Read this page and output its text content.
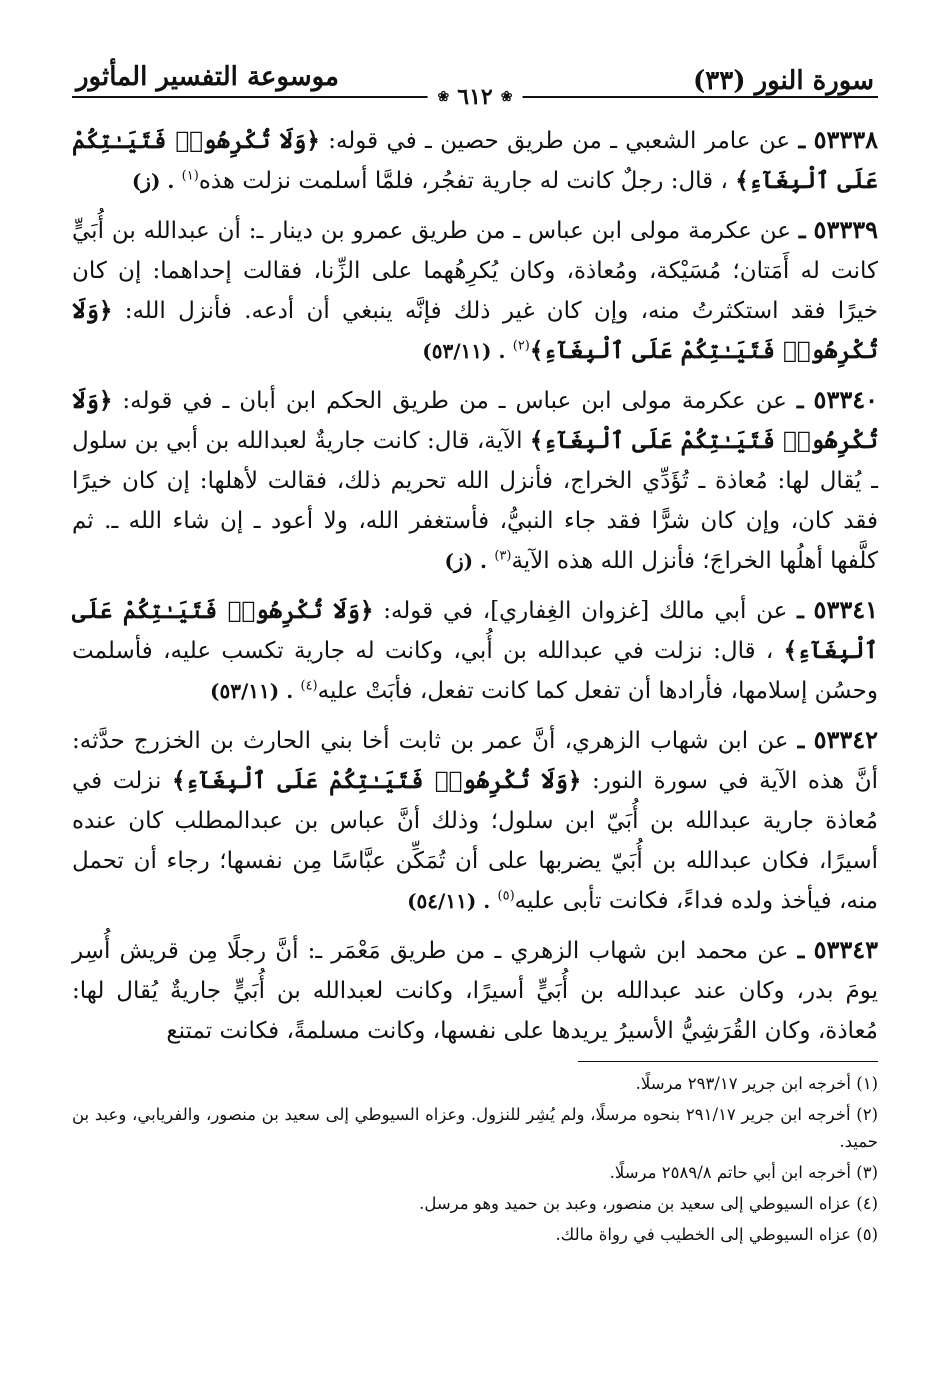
سورة النور (٣٣)
❀
٦١٢
❀
موسوعة التفسير المأثور

٥٣٣٣٨ ـ عن عامر الشعبي ـ من طريق حصين ـ في قوله: ﴿وَلَا تُكْرِهُوا۟ فَتَيَـٰتِكُمْ عَلَى ٱلْبِغَآءِ﴾ ، قال: رجلٌ كانت له جارية تفجُر، فلمَّا أسلمت نزلت هذه$^{(١)}$ . (ز)

٥٣٣٣٩ ـ عن عكرمة مولى ابن عباس ـ من طريق عمرو بن دينار ـ: أن عبدالله بن أُبَيٍّ كانت له أَمَتان؛ مُسَيْكة، ومُعاذة، وكان يُكرِهُهما على الزِّنا، فقالت إحداهما: إن كان خيرًا فقد استكثرتُ منه، وإن كان غير ذلك فإنَّه ينبغي أن أدعه. فأنزل الله: ﴿وَلَا تُكْرِهُوا۟ فَتَيَـٰتِكُمْ عَلَى ٱلْبِغَآءِ﴾$^{(٢)}$ . (٥٣/١١)

٥٣٣٤٠ ـ عن عكرمة مولى ابن عباس ـ من طريق الحكم ابن أبان ـ في قوله: ﴿وَلَا تُكْرِهُوا۟ فَتَيَـٰتِكُمْ عَلَى ٱلْبِغَآءِ﴾ الآية، قال: كانت جاريةٌ لعبدالله بن أبي بن سلول ـ يُقال لها: مُعاذة ـ تُؤَدِّي الخراج، فأنزل الله تحريم ذلك، فقالت لأهلها: إن كان خيرًا فقد كان، وإن كان شرًّا فقد جاء النبيُّ، فأستغفر الله، ولا أعود ـ إن شاء الله ـ. ثم كلَّفها أهلُها الخراجَ؛ فأنزل الله هذه الآية$^{(٣)}$ . (ز)

٥٣٣٤١ ـ عن أبي مالك [غزوان الغِفاري]، في قوله: ﴿وَلَا تُكْرِهُوا۟ فَتَيَـٰتِكُمْ عَلَى ٱلْبِغَآءِ﴾ ، قال: نزلت في عبدالله بن أُبي، وكانت له جارية تكسب عليه، فأسلمت وحسُن إسلامها، فأرادها أن تفعل كما كانت تفعل، فأبَتْ عليه$^{(٤)}$ . (٥٣/١١)

٥٣٣٤٢ ـ عن ابن شهاب الزهري، أنَّ عمر بن ثابت أخا بني الحارث بن الخزرج حدَّثه: أنَّ هذه الآية في سورة النور: ﴿وَلَا تُكْرِهُوا۟ فَتَيَـٰتِكُمْ عَلَى ٱلْبِغَآءِ﴾ نزلت في مُعاذة جارية عبدالله بن أُبَيّ ابن سلول؛ وذلك أنَّ عباس بن عبدالمطلب كان عنده أسيرًا، فكان عبدالله بن أُبَيّ يضربها على أن تُمَكِّن عبَّاسًا مِن نفسها؛ رجاء أن تحمل منه، فيأخذ ولده فداءً، فكانت تأبى عليه$^{(٥)}$ . (٥٤/١١)

٥٣٣٤٣ ـ عن محمد ابن شهاب الزهري ـ من طريق مَعْمَر ـ: أنَّ رجلًا مِن قريش أُسِر يومَ بدر، وكان عند عبدالله بن أُبَيٍّ أسيرًا، وكانت لعبدالله بن أُبَيٍّ جاريةٌ يُقال لها: مُعاذة، وكان القُرَشِيُّ الأسيرُ يريدها على نفسها، وكانت مسلمةً، فكانت تمتنع

(١) أخرجه ابن جرير ٢٩٣/١٧ مرسلًا.

(٢) أخرجه ابن جرير ٢٩١/١٧ بنحوه مرسلًا، ولم يُشِر للنزول. وعزاه السيوطي إلى سعيد بن منصور، والفريابي، وعبد بن حميد.

(٣) أخرجه ابن أبي حاتم ٢٥٨٩/٨ مرسلًا.

(٤) عزاه السيوطي إلى سعيد بن منصور، وعبد بن حميد وهو مرسل.

(٥) عزاه السيوطي إلى الخطيب في رواة مالك.
